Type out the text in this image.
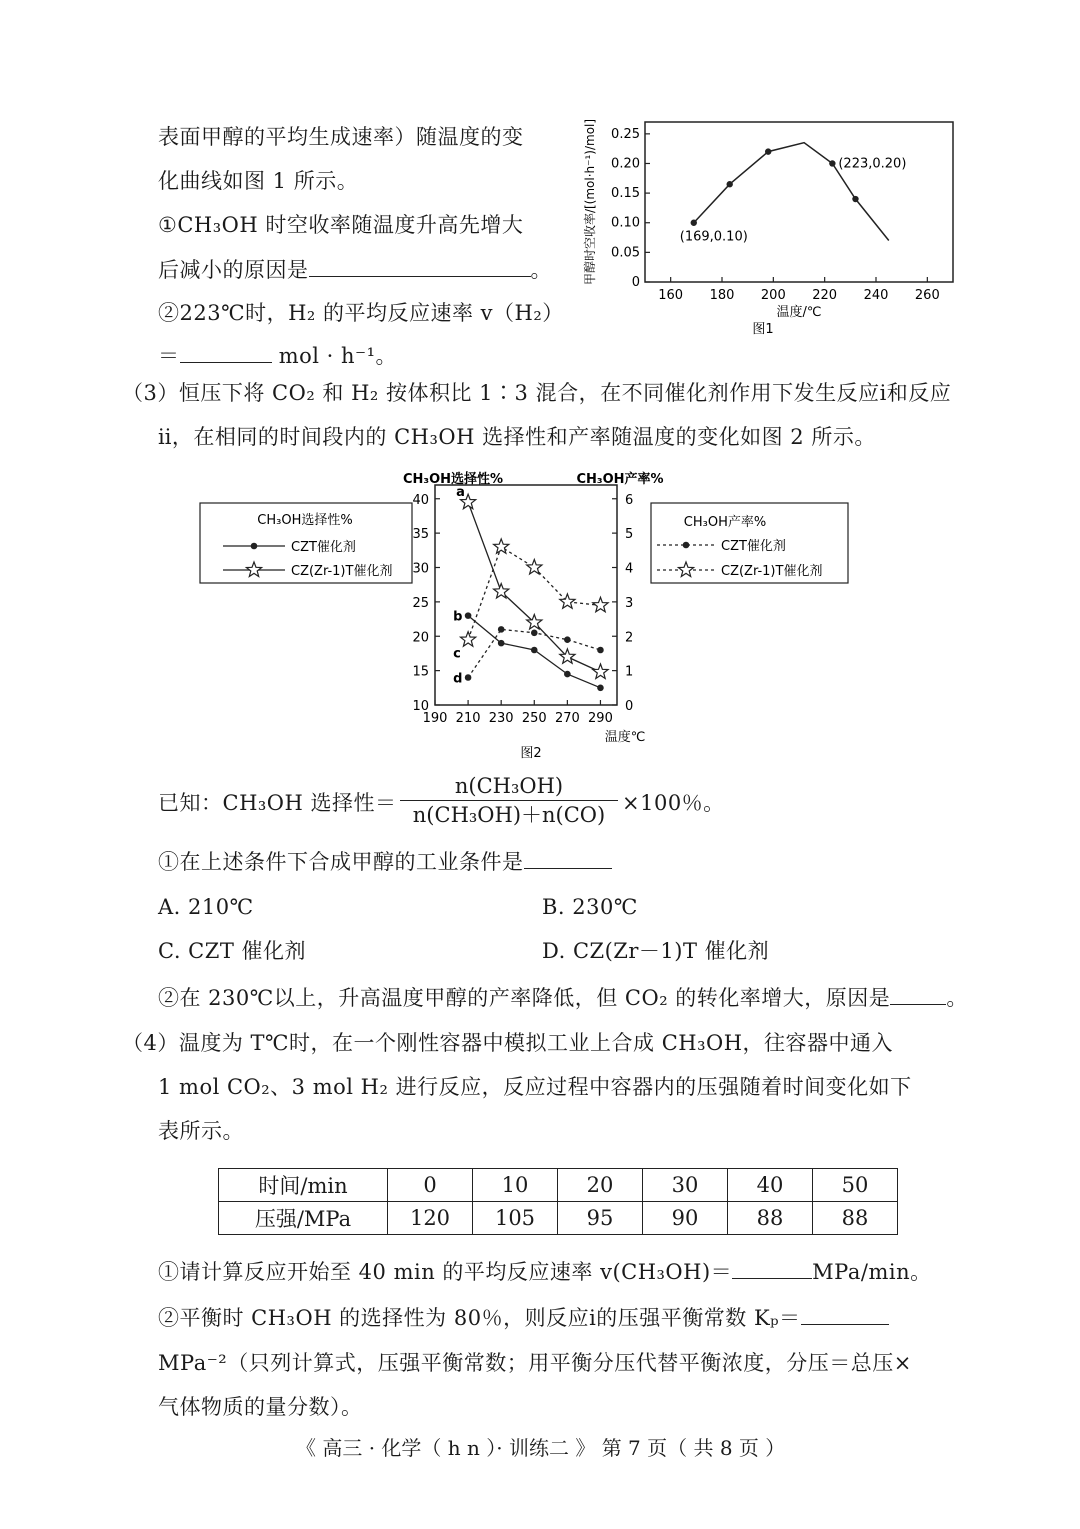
表面甲醇的平均生成速率）随温度的变
化曲线如图 1 所示。
①CH₃OH 时空收率随温度升高先增大
后减小的原因是	。
②223℃时，H₂ 的平均反应速率 v（H₂）
＝	mol · h⁻¹。
160 180 200 220 240 260
0
0.05
0.10
0.15
0.20
0.25
(169,0.10)
(223,0.20)
温度/℃
图1
甲醇时空收率/[(mol·h⁻¹)/mol]
（3）恒压下将 CO₂ 和 H₂ 按体积比 1∶3 混合，在不同催化剂作用下发生反应ⅰ和反应
ⅱ，在相同的时间段内的 CH₃OH 选择性和产率随温度的变化如图 2 所示。
CH₃OH选择性%	CH₃OH产率%
190 210 230 250 270 290
10
15
20
25
30
35
40
0
1
2
3
4
5
6
a
b
c
d
温度℃
图2
CH₃OH选择性%
CZT催化剂
CZ(Zr-1)T催化剂
CH₃OH产率%
CZT催化剂
CZ(Zr-1)T催化剂
已知：CH₃OH 选择性＝ $\frac{\text{n(CH₃OH)}}{\text{n(CH₃OH)＋n(CO)}} \times 100$％。
①在上述条件下合成甲醇的工业条件是
A. 210℃	B. 230℃
C. CZT 催化剂	D. CZ(Zr－1)T 催化剂
②在 230℃以上，升高温度甲醇的产率降低，但 CO₂ 的转化率增大，原因是	。
（4）温度为 T℃时，在一个刚性容器中模拟工业上合成 CH₃OH，往容器中通入
1 mol CO₂、3 mol H₂ 进行反应，反应过程中容器内的压强随着时间变化如下
表所示。
时间/min	0	10	20	30	40	50
压强/MPa	120	105	95	90	88	88
①请计算反应开始至 40 min 的平均反应速率 v(CH₃OH)＝	MPa/min。
②平衡时 CH₃OH 的选择性为 80％，则反应ⅰ的压强平衡常数 Kₚ＝
MPa⁻²（只列计算式，压强平衡常数；用平衡分压代替平衡浓度，分压＝总压×
气体物质的量分数）。
《 高三 · 化学（ h n ）· 训练二 》 第 7 页（ 共 8 页 ）
